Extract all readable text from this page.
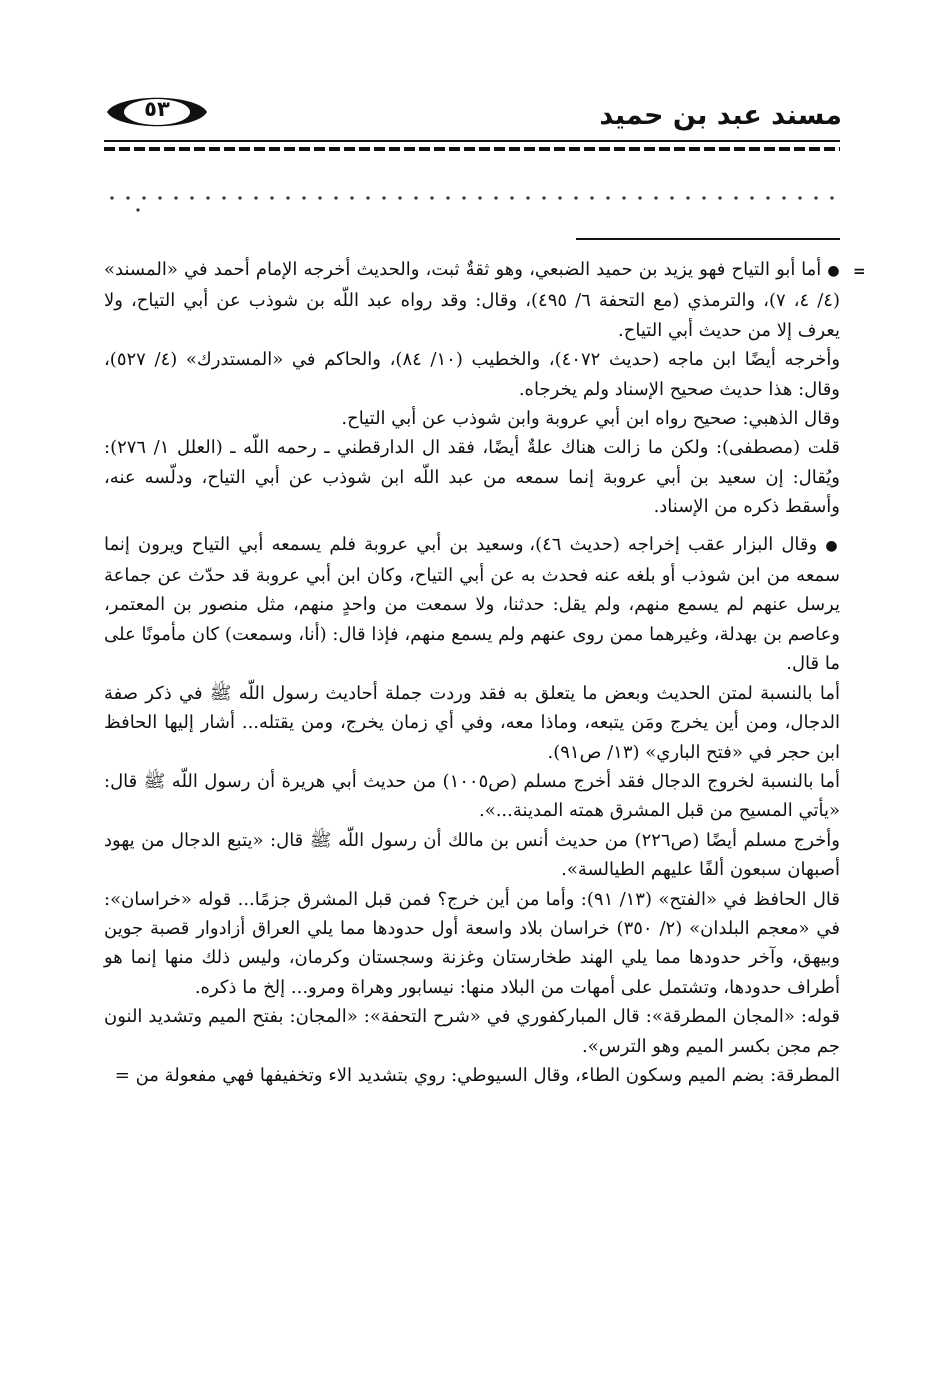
مسند عبد بن حميد
٥٣
=

● أما أبو التياح فهو يزيد بن حميد الضبعي، وهو ثقةٌ ثبت، والحديث أخرجه الإمام أحمد في «المسند» (٤/ ٤، ٧)، والترمذي (مع التحفة ٦/ ٤٩٥)، وقال: وقد رواه عبد اللّه بن شوذب عن أبي التياح، ولا يعرف إلا من حديث أبي التياح.

وأخرجه أيضًا ابن ماجه (حديث ٤٠٧٢)، والخطيب (١٠/ ٨٤)، والحاكم في «المستدرك» (٤/ ٥٢٧)، وقال: هذا حديث صحيح الإسناد ولم يخرجاه.

وقال الذهبي: صحيح رواه ابن أبي عروبة وابن شوذب عن أبي التياح.

قلت (مصطفى): ولكن ما زالت هناك علةٌ أيضًا، فقد ال الدارقطني ـ رحمه اللّه ـ (العلل ١/ ٢٧٦): ويُقال: إن سعيد بن أبي عروبة إنما سمعه من عبد اللّه ابن شوذب عن أبي التياح، ودلّسه عنه، وأسقط ذكره من الإسناد.

● وقال البزار عقب إخراجه (حديث ٤٦)، وسعيد بن أبي عروبة فلم يسمعه أبي التياح ويرون إنما سمعه من ابن شوذب أو بلغه عنه فحدث به عن أبي التياح، وكان ابن أبي عروبة قد حدّث عن جماعة يرسل عنهم لم يسمع منهم، ولم يقل: حدثنا، ولا سمعت من واحدٍ منهم، مثل منصور بن المعتمر، وعاصم بن بهدلة، وغيرهما ممن روى عنهم ولم يسمع منهم، فإذا قال: (أنا، وسمعت) كان مأمونًا على ما قال.

أما بالنسبة لمتن الحديث وبعض ما يتعلق به فقد وردت جملة أحاديث رسول اللّه ﷺ في ذكر صفة الدجال، ومن أين يخرج ومَن يتبعه، وماذا معه، وفي أي زمان يخرج، ومن يقتله... أشار إليها الحافظ ابن حجر في «فتح الباري» (١٣/ ص٩١).

أما بالنسبة لخروج الدجال فقد أخرج مسلم (ص١٠٠٥) من حديث أبي هريرة أن رسول اللّه ﷺ قال: «يأتي المسيح من قبل المشرق همته المدينة...».

وأخرج مسلم أيضًا (ص٢٢٦) من حديث أنس بن مالك أن رسول اللّه ﷺ قال: «يتبع الدجال من يهود أصبهان سبعون ألفًا عليهم الطيالسة».

قال الحافظ في «الفتح» (١٣/ ٩١): وأما من أين خرج؟ فمن قبل المشرق جزمًا... قوله «خراسان»: في «معجم البلدان» (٢/ ٣٥٠) خراسان بلاد واسعة أول حدودها مما يلي العراق أزادوار قصبة جوين وبيهق، وآخر حدودها مما يلي الهند طخارستان وغزنة وسجستان وكرمان، وليس ذلك منها إنما هو أطراف حدودها، وتشتمل على أمهات من البلاد منها: نيسابور وهراة ومرو... إلخ ما ذكره.

قوله: «المجان المطرقة»: قال المباركفوري في «شرح التحفة»: «المجان: بفتح الميم وتشديد النون جم مجن بكسر الميم وهو الترس».

المطرقة: بضم الميم وسكون الطاء، وقال السيوطي: روي بتشديد الاء وتخفيفها فهي مفعولة من =
